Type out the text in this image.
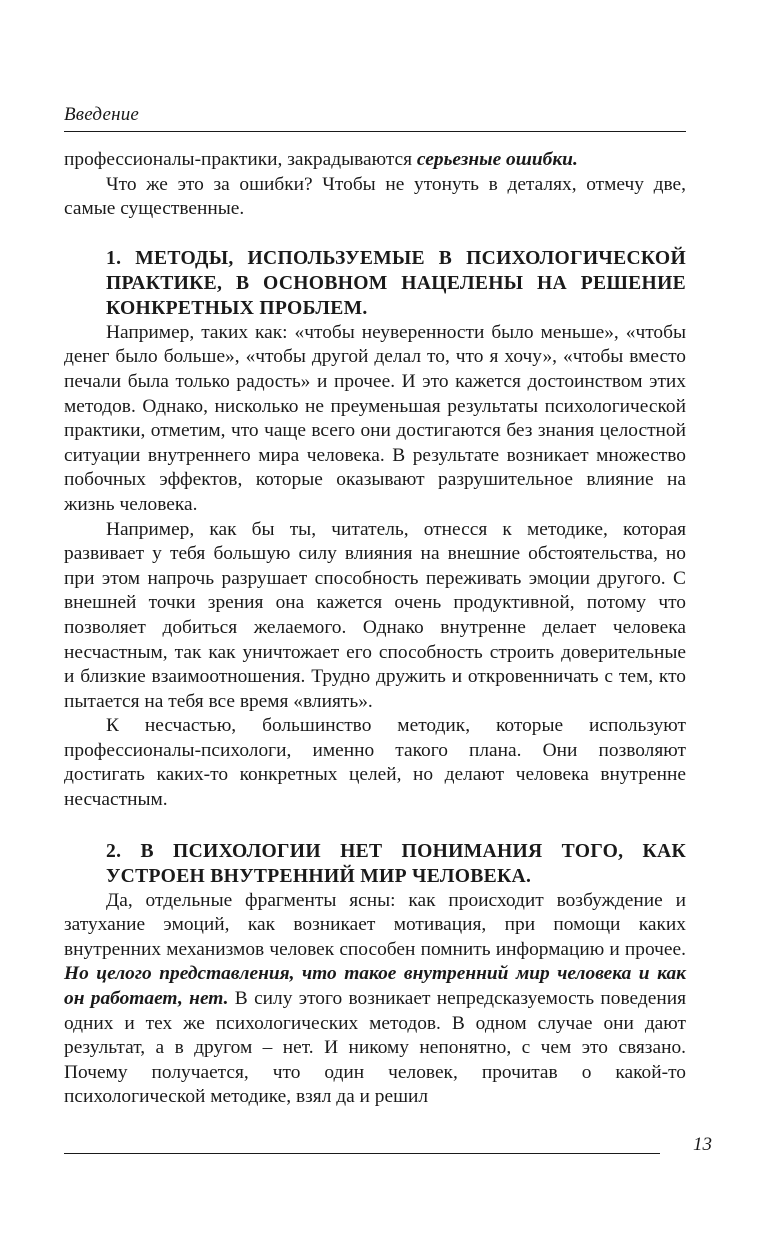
Введение

профессионалы-практики, закрадываются серьезные ошибки.

Что же это за ошибки? Чтобы не утонуть в деталях, отмечу две, самые существенные.

1. МЕТОДЫ, ИСПОЛЬЗУЕМЫЕ В ПСИХОЛОГИЧЕСКОЙ ПРАКТИКЕ, В ОСНОВНОМ НАЦЕЛЕНЫ НА РЕШЕНИЕ КОНКРЕТНЫХ ПРОБЛЕМ.

Например, таких как: «чтобы неуверенности было меньше», «чтобы денег было больше», «чтобы другой делал то, что я хочу», «чтобы вместо печали была только радость» и прочее. И это кажется достоинством этих методов. Однако, нисколько не преуменьшая результаты психологической практики, отметим, что чаще всего они достигаются без знания целостной ситуации внутреннего мира человека. В результате возникает множество побочных эффектов, которые оказывают разрушительное влияние на жизнь человека.

Например, как бы ты, читатель, отнесся к методике, которая развивает у тебя большую силу влияния на внешние обстоятельства, но при этом напрочь разрушает способность переживать эмоции другого. С внешней точки зрения она кажется очень продуктивной, потому что позволяет добиться желаемого. Однако внутренне делает человека несчастным, так как уничтожает его способность строить доверительные и близкие взаимоотношения. Трудно дружить и откровенничать с тем, кто пытается на тебя все время «влиять».

К несчастью, большинство методик, которые используют профессионалы-психологи, именно такого плана. Они позволяют достигать каких-то конкретных целей, но делают человека внутренне несчастным.

2. В ПСИХОЛОГИИ НЕТ ПОНИМАНИЯ ТОГО, КАК УСТРОЕН ВНУТРЕННИЙ МИР ЧЕЛОВЕКА.

Да, отдельные фрагменты ясны: как происходит возбуждение и затухание эмоций, как возникает мотивация, при помощи каких внутренних механизмов человек способен помнить информацию и прочее. Но целого представления, что такое внутренний мир человека и как он работает, нет. В силу этого возникает непредсказуемость поведения одних и тех же психологических методов. В одном случае они дают результат, а в другом – нет. И никому непонятно, с чем это связано. Почему получается, что один человек, прочитав о какой-то психологической методике, взял да и решил

13
